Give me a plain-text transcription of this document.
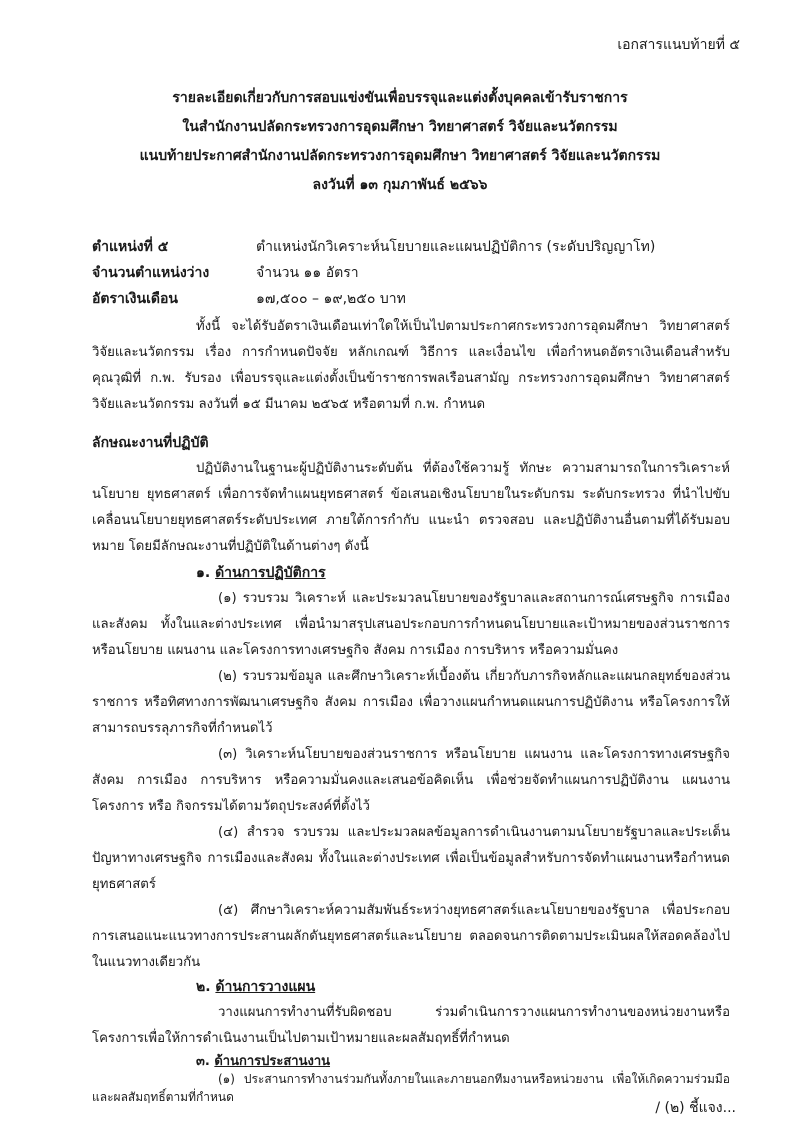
เอกสารแนบท้ายที่ ๕
รายละเอียดเกี่ยวกับการสอบแข่งขันเพื่อบรรจุและแต่งตั้งบุคคลเข้ารับราชการ
ในสำนักงานปลัดกระทรวงการอุดมศึกษา วิทยาศาสตร์ วิจัยและนวัตกรรม
แนบท้ายประกาศสำนักงานปลัดกระทรวงการอุดมศึกษา วิทยาศาสตร์ วิจัยและนวัตกรรม
ลงวันที่ ๑๓ กุมภาพันธ์ ๒๕๖๖
ตำแหน่งที่ ๕	ตำแหน่งนักวิเคราะห์นโยบายและแผนปฏิบัติการ (ระดับปริญญาโท)
จำนวนตำแหน่งว่าง	จำนวน ๑๑ อัตรา
อัตราเงินเดือน	๑๗,๕๐๐ – ๑๙,๒๕๐ บาท
ทั้งนี้ จะได้รับอัตราเงินเดือนเท่าใดให้เป็นไปตามประกาศกระทรวงการอุดมศึกษา วิทยาศาสตร์ วิจัยและนวัตกรรม เรื่อง การกำหนดปัจจัย หลักเกณฑ์ วิธีการ และเงื่อนไข เพื่อกำหนดอัตราเงินเดือนสำหรับคุณวุฒิที่ ก.พ. รับรอง เพื่อบรรจุและแต่งตั้งเป็นข้าราชการพลเรือนสามัญ กระทรวงการอุดมศึกษา วิทยาศาสตร์ วิจัยและนวัตกรรม ลงวันที่ ๑๕ มีนาคม ๒๕๖๕ หรือตามที่ ก.พ. กำหนด
ลักษณะงานที่ปฏิบัติ
ปฏิบัติงานในฐานะผู้ปฏิบัติงานระดับต้น ที่ต้องใช้ความรู้ ทักษะ ความสามารถในการวิเคราะห์นโยบาย ยุทธศาสตร์ เพื่อการจัดทำแผนยุทธศาสตร์ ข้อเสนอเชิงนโยบายในระดับกรม ระดับกระทรวง ที่นำไปขับเคลื่อนนโยบายยุทธศาสตร์ระดับประเทศ ภายใต้การกำกับ แนะนำ ตรวจสอบ และปฏิบัติงานอื่นตามที่ได้รับมอบหมาย โดยมีลักษณะงานที่ปฏิบัติในด้านต่างๆ ดังนี้
๑. ด้านการปฏิบัติการ
(๑) รวบรวม วิเคราะห์ และประมวลนโยบายของรัฐบาลและสถานการณ์เศรษฐกิจ การเมืองและสังคม ทั้งในและต่างประเทศ เพื่อนำมาสรุปเสนอประกอบการกำหนดนโยบายและเป้าหมายของส่วนราชการ หรือนโยบาย แผนงาน และโครงการทางเศรษฐกิจ สังคม การเมือง การบริหาร หรือความมั่นคง
(๒) รวบรวมข้อมูล และศึกษาวิเคราะห์เบื้องต้น เกี่ยวกับภารกิจหลักและแผนกลยุทธ์ของส่วนราชการ หรือทิศทางการพัฒนาเศรษฐกิจ สังคม การเมือง เพื่อวางแผนกำหนดแผนการปฏิบัติงาน หรือโครงการให้สามารถบรรลุภารกิจที่กำหนดไว้
(๓) วิเคราะห์นโยบายของส่วนราชการ หรือนโยบาย แผนงาน และโครงการทางเศรษฐกิจ สังคม การเมือง การบริหาร หรือความมั่นคงและเสนอข้อคิดเห็น เพื่อช่วยจัดทำแผนการปฏิบัติงาน แผนงาน โครงการ หรือ กิจกรรมได้ตามวัตถุประสงค์ที่ตั้งไว้
(๔) สำรวจ รวบรวม และประมวลผลข้อมูลการดำเนินงานตามนโยบายรัฐบาลและประเด็นปัญหาทางเศรษฐกิจ การเมืองและสังคม ทั้งในและต่างประเทศ เพื่อเป็นข้อมูลสำหรับการจัดทำแผนงานหรือกำหนดยุทธศาสตร์
(๕) ศึกษาวิเคราะห์ความสัมพันธ์ระหว่างยุทธศาสตร์และนโยบายของรัฐบาล เพื่อประกอบการเสนอแนะแนวทางการประสานผลักดันยุทธศาสตร์และนโยบาย ตลอดจนการติดตามประเมินผลให้สอดคล้องไปในแนวทางเดียวกัน
๒. ด้านการวางแผน
วางแผนการทำงานที่รับผิดชอบ ร่วมดำเนินการวางแผนการทำงานของหน่วยงานหรือโครงการเพื่อให้การดำเนินงานเป็นไปตามเป้าหมายและผลสัมฤทธิ์ที่กำหนด
/ (๒) ชี้แจง...
๓. ด้านการประสานงาน
(๑) ประสานการทำงานร่วมกันทั้งภายในและภายนอกทีมงานหรือหน่วยงาน เพื่อให้เกิดความร่วมมือและผลสัมฤทธิ์ตามที่กำหนด
